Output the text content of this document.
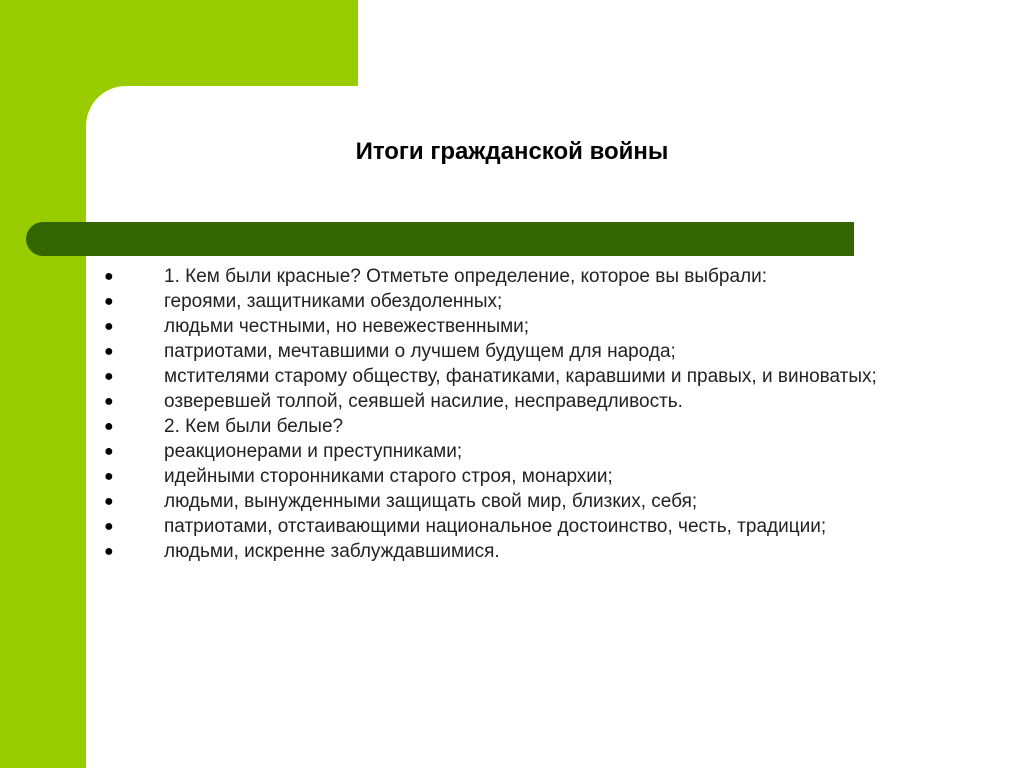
Итоги гражданской войны
●	1. Кем были красные? Отметьте определение, которое вы выбрали:
●	героями, защитниками обездоленных;
●	людьми честными, но невежественными;
●	патриотами, мечтавшими о лучшем будущем для народа;
●	мстителями старому обществу, фанатиками, каравшими и правых, и виноватых;
●	озверевшей толпой, сеявшей насилие, несправедливость.
●	2. Кем были белые?
●	реакционерами и преступниками;
●	идейными сторонниками старого строя, монархии;
●	людьми, вынужденными защищать свой мир, близких, себя;
●	патриотами, отстаивающими национальное достоинство, честь, традиции;
●	людьми, искренне заблуждавшимися.
